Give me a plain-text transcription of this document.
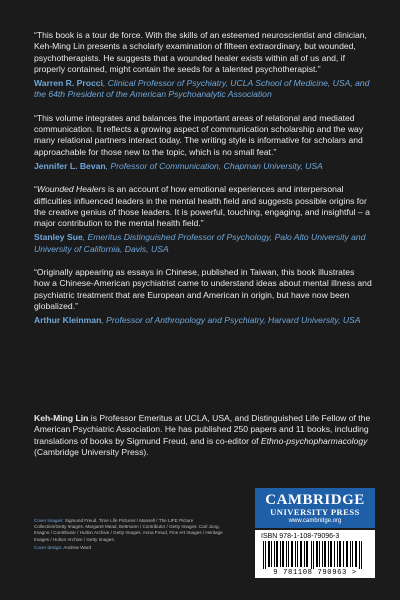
“This book is a tour de force. With the skills of an esteemed neuroscientist and clinician, Keh-Ming Lin presents a scholarly examination of fifteen extraordinary, but wounded, psychotherapists. He suggests that a wounded healer exists within all of us and, if properly contained, might contain the seeds for a talented psychotherapist.”

Warren R. Procci, Clinical Professor of Psychiatry, UCLA School of Medicine, USA, and the 64th President of the American Psychoanalytic Association

“This volume integrates and balances the important areas of relational and mediated communication. It reflects a growing aspect of communication scholarship and the way many relational partners interact today. The writing style is informative for scholars and approachable for those new to the topic, which is no small feat.”

Jennifer L. Bevan, Professor of Communication, Chapman University, USA

“Wounded Healers is an account of how emotional experiences and interpersonal difficulties influenced leaders in the mental health field and suggests possible origins for the creative genius of those leaders. It is powerful, touching, engaging, and insightful – a major contribution to the mental health field.”

Stanley Sue, Emeritus Distinguished Professor of Psychology, Palo Alto University and University of California, Davis, USA

“Originally appearing as essays in Chinese, published in Taiwan, this book illustrates how a Chinese-American psychiatrist came to understand ideas about mental illness and psychiatric treatment that are European and American in origin, but have now been globalized.”

Arthur Kleinman, Professor of Anthropology and Psychiatry, Harvard University, USA
Keh-Ming Lin is Professor Emeritus at UCLA, USA, and Distinguished Life Fellow of the American Psychiatric Association. He has published 250 papers and 11 books, including translations of books by Sigmund Freud, and is co-editor of Ethno-psychopharmacology (Cambridge University Press).
Cover images: Sigmund Freud, Time Life Pictures / Mansell / The LIFE Picture Collection/Getty Images. Margaret Mead, Bettmann / Contributor / Getty Images. Carl Jung, Imagno / Contributor / Hulton Archive / Getty Images. Anna Freud, Fine Art Images / Heritage Images / Hulton Archive / Getty Images.
Cover design: Andrew Ward
CAMBRIDGE
UNIVERSITY PRESS
www.cambridge.org
ISBN 978-1-108-79096-3
9 781108 790963 >
